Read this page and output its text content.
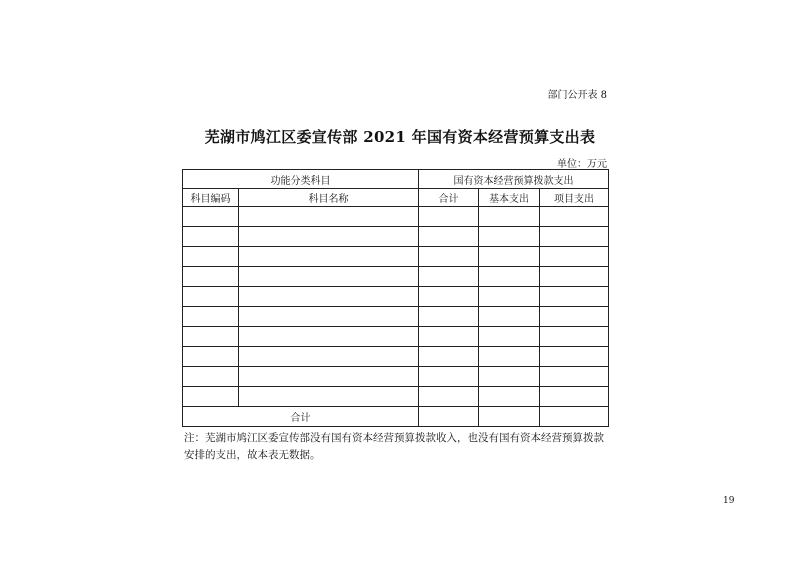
部门公开表 8
芜湖市鸠江区委宣传部 2021 年国有资本经营预算支出表
单位：万元
功能分类科目		国有资本经营预算拨款支出		
科目编码	科目名称	合计	基本支出	项目支出

合计				
注：芜湖市鸠江区委宣传部没有国有资本经营预算拨款收入，也没有国有资本经营预算拨款安排的支出，故本表无数据。
19
